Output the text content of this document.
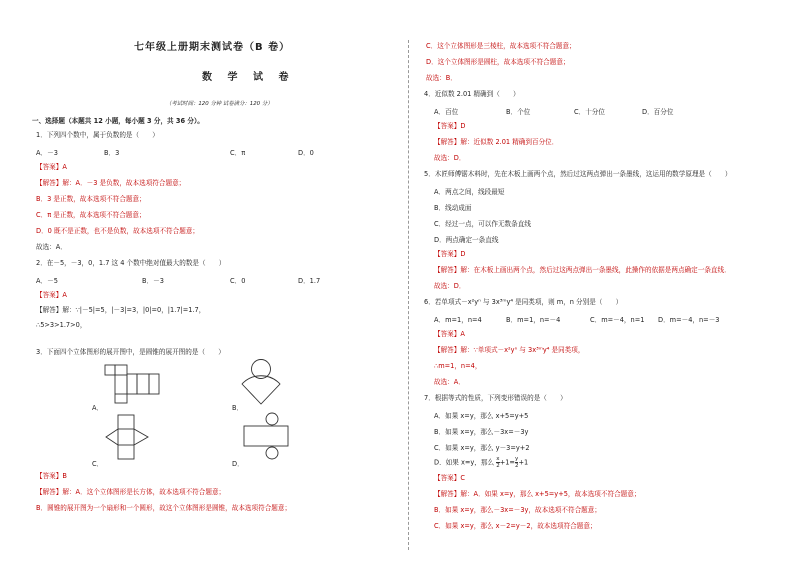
七年级上册期末测试卷（B 卷）
数 学 试 卷
（考试时间：120 分钟 试卷满分：120 分）
一、选择题（本题共 12 小题，每小题 3 分，共 36 分）。
1．下列四个数中，属于负数的是（　　）
A．－3	B．3	C．π	D．0
【答案】A
【解答】解：A．－3 是负数，故本选项符合题意；
B．3 是正数，故本选项不符合题意；
C．π 是正数，故本选项不符合题意；
D．0 既不是正数，也不是负数，故本选项不符合题意；
故选：A．
2．在－5，－3，0，1.7 这 4 个数中绝对值最大的数是（　　）
A．－5	B．－3	C．0	D．1.7
【答案】A
【解答】解：∵|－5|=5，|－3|=3，|0|=0，|1.7|=1.7，
∴5>3>1.7>0，
3．下面四个立体图形的展开图中，是圆锥的展开图的是（　　）
A．	B．
C．	D．
【答案】B
【解答】解：A．这个立体图形是长方体，故本选项不符合题意；
B．圆锥的展开图为一个扇形和一个圆形，故这个立体图形是圆锥，故本选项符合题意；
C．这个立体图形是三棱柱，故本选项不符合题意；
D．这个立体图形是圆柱，故本选项不符合题意；
故选：B．
4．近似数 2.01 精确到（　　）
A．百位	B．个位	C．十分位	D．百分位
【答案】D
【解答】解：近似数 2.01 精确到百分位．
故选：D．
5．木匠师傅锯木料时，先在木板上画两个点，然后过这两点弹出一条墨线，这运用的数学原理是（　　）
A．两点之间，线段最短
B．线动成面
C．经过一点，可以作无数条直线
D．两点确定一条直线
【答案】D
【解答】解：在木板上画出两个点，然后过这两点弹出一条墨线，此操作的依据是两点确定一条直线．
故选：D．
6．若单项式－x²yⁿ 与 3x³ᵐy⁴ 是同类项，则 m，n 分别是（　　）
A．m=1，n=4	B．m=1，n=－4	C．m=－4，n=1 D．m=－4，n=－3
【答案】A
【解答】解：∵单项式－x²yⁿ 与 3x³ᵐy⁴ 是同类项，
∴m=1，n=4，
故选：A．
7．根据等式的性质，下列变形错误的是（　　）
A．如果 x=y，那么 x+5=y+5
B．如果 x=y，那么－3x=－3y
C．如果 x=y，那么 y－3=y+2
D．如果 x=y，那么 $\frac{x}{2} +1= \frac{y}{2} +1$
【答案】C
【解答】解：A．如果 x=y，那么 x+5=y+5，故本选项不符合题意；
B．如果 x=y，那么－3x=－3y，故本选项不符合题意；
C．如果 x=y，那么 x－2=y－2，故本选项符合题意；
